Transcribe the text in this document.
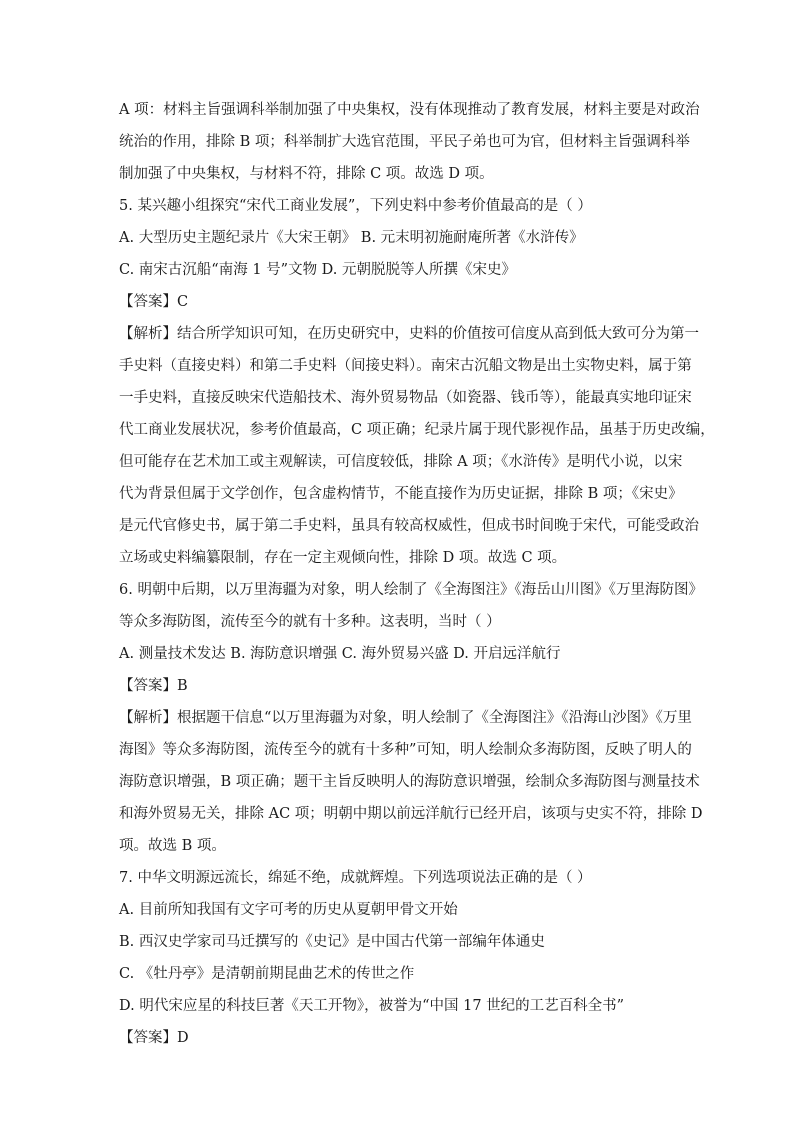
A 项：材料主旨强调科举制加强了中央集权，没有体现推动了教育发展，材料主要是对政治
统治的作用，排除 B 项；科举制扩大选官范围，平民子弟也可为官，但材料主旨强调科举
制加强了中央集权，与材料不符，排除 C 项。故选 D 项。
5. 某兴趣小组探究“宋代工商业发展”，下列史料中参考价值最高的是（ ）
A. 大型历史主题纪录片《大宋王朝》 B. 元末明初施耐庵所著《水浒传》
C. 南宋古沉船“南海 1 号”文物 D. 元朝脱脱等人所撰《宋史》
【答案】C
【解析】结合所学知识可知，在历史研究中，史料的价值按可信度从高到低大致可分为第一
手史料（直接史料）和第二手史料（间接史料）。南宋古沉船文物是出土实物史料，属于第
一手史料，直接反映宋代造船技术、海外贸易物品（如瓷器、钱币等），能最真实地印证宋
代工商业发展状况，参考价值最高，C 项正确；纪录片属于现代影视作品，虽基于历史改编，
但可能存在艺术加工或主观解读，可信度较低，排除 A 项；《水浒传》是明代小说，以宋
代为背景但属于文学创作，包含虚构情节，不能直接作为历史证据，排除 B 项；《宋史》
是元代官修史书，属于第二手史料，虽具有较高权威性，但成书时间晚于宋代，可能受政治
立场或史料编纂限制，存在一定主观倾向性，排除 D 项。故选 C 项。
6. 明朝中后期，以万里海疆为对象，明人绘制了《全海图注》《海岳山川图》《万里海防图》
等众多海防图，流传至今的就有十多种。这表明，当时（ ）
A. 测量技术发达 B. 海防意识增强 C. 海外贸易兴盛 D. 开启远洋航行
【答案】B
【解析】根据题干信息“以万里海疆为对象，明人绘制了《全海图注》《沿海山沙图》《万里
海图》等众多海防图，流传至今的就有十多种”可知，明人绘制众多海防图，反映了明人的
海防意识增强，B 项正确；题干主旨反映明人的海防意识增强，绘制众多海防图与测量技术
和海外贸易无关，排除 AC 项；明朝中期以前远洋航行已经开启，该项与史实不符，排除 D
项。故选 B 项。
7. 中华文明源远流长，绵延不绝，成就辉煌。下列选项说法正确的是（ ）
A. 目前所知我国有文字可考的历史从夏朝甲骨文开始
B. 西汉史学家司马迁撰写的《史记》是中国古代第一部编年体通史
C. 《牡丹亭》是清朝前期昆曲艺术的传世之作
D. 明代宋应星的科技巨著《天工开物》，被誉为“中国 17 世纪的工艺百科全书”
【答案】D
